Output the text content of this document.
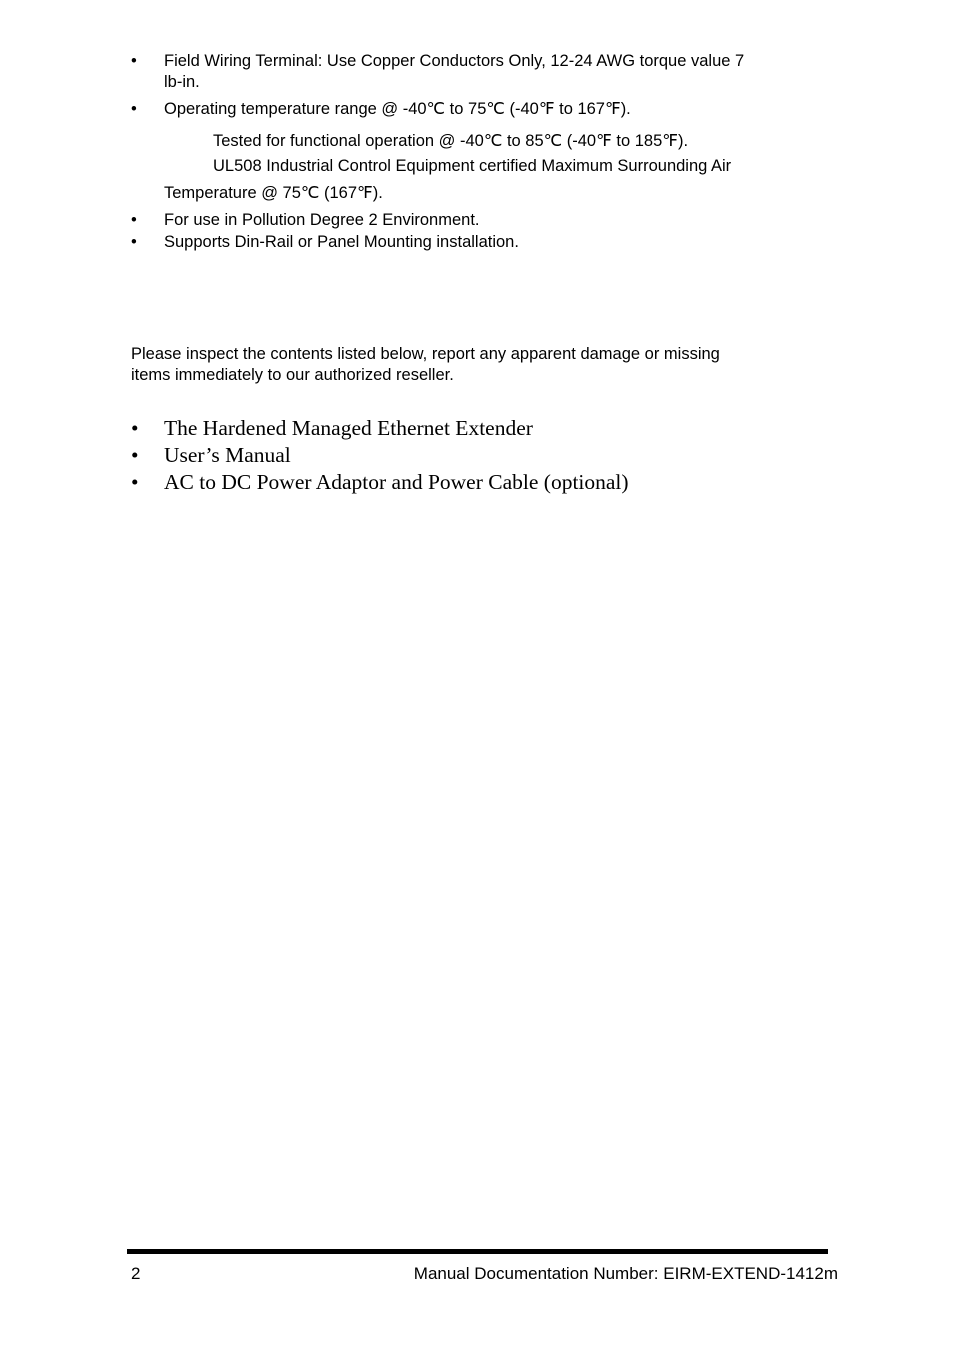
• Field Wiring Terminal: Use Copper Conductors Only, 12-24 AWG torque value 7
lb-in.
• Operating temperature range @ -40℃ to 75℃ (-40℉ to 167℉).
Tested for functional operation @ -40℃ to 85℃ (-40℉ to 185℉).
UL508 Industrial Control Equipment certified Maximum Surrounding Air
Temperature @ 75℃ (167℉).
• For use in Pollution Degree 2 Environment.
• Supports Din-Rail or Panel Mounting installation.
Please inspect the contents listed below, report any apparent damage or missing
items immediately to our authorized reseller.
• The Hardened Managed Ethernet Extender
• User’s Manual
• AC to DC Power Adaptor and Power Cable (optional)
2	Manual Documentation Number: EIRM-EXTEND-1412m
